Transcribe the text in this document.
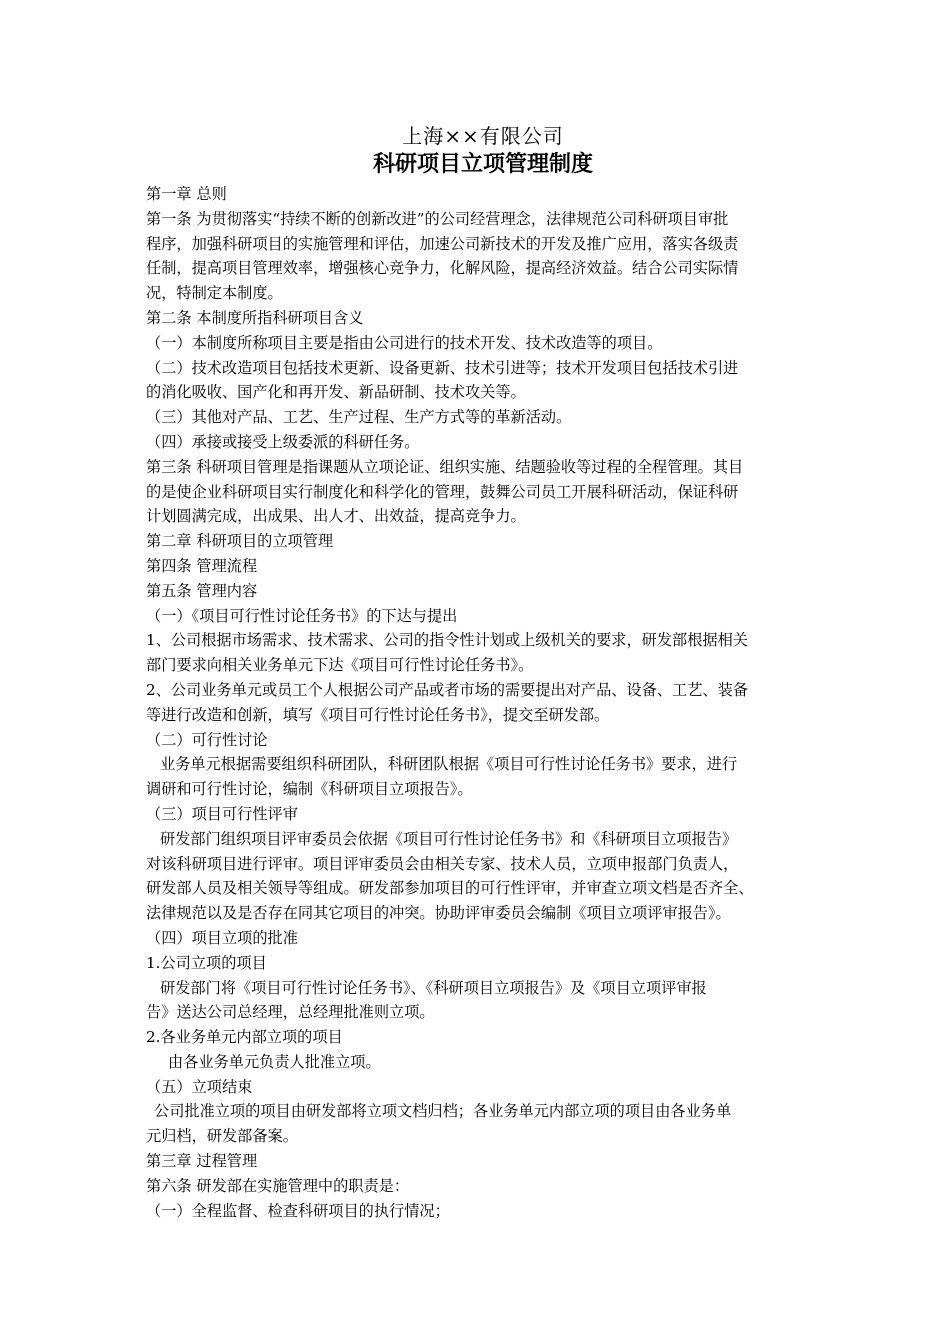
上海××有限公司
科研项目立项管理制度
第一章 总则
第一条 为贯彻落实“持续不断的创新改进”的公司经营理念，法律规范公司科研项目审批
程序，加强科研项目的实施管理和评估，加速公司新技术的开发及推广应用，落实各级责
任制，提高项目管理效率，增强核心竞争力，化解风险，提高经济效益。结合公司实际情
况，特制定本制度。
第二条 本制度所指科研项目含义
（一）本制度所称项目主要是指由公司进行的技术开发、技术改造等的项目。
（二）技术改造项目包括技术更新、设备更新、技术引进等；技术开发项目包括技术引进
的消化吸收、国产化和再开发、新品研制、技术攻关等。
（三）其他对产品、工艺、生产过程、生产方式等的革新活动。
（四）承接或接受上级委派的科研任务。
第三条 科研项目管理是指课题从立项论证、组织实施、结题验收等过程的全程管理。其目
的是使企业科研项目实行制度化和科学化的管理，鼓舞公司员工开展科研活动，保证科研
计划圆满完成，出成果、出人才、出效益，提高竞争力。
第二章 科研项目的立项管理
第四条 管理流程
第五条 管理内容
（一）《项目可行性讨论任务书》的下达与提出
1、公司根据市场需求、技术需求、公司的指令性计划或上级机关的要求，研发部根据相关
部门要求向相关业务单元下达《项目可行性讨论任务书》。
2、公司业务单元或员工个人根据公司产品或者市场的需要提出对产品、设备、工艺、装备
等进行改造和创新，填写《项目可行性讨论任务书》，提交至研发部。
（二）可行性讨论
业务单元根据需要组织科研团队，科研团队根据《项目可行性讨论任务书》要求，进行
调研和可行性讨论，编制《科研项目立项报告》。
（三）项目可行性评审
研发部门组织项目评审委员会依据《项目可行性讨论任务书》和《科研项目立项报告》
对该科研项目进行评审。项目评审委员会由相关专家、技术人员，立项申报部门负责人，
研发部人员及相关领导等组成。研发部参加项目的可行性评审，并审查立项文档是否齐全、
法律规范以及是否存在同其它项目的冲突。协助评审委员会编制《项目立项评审报告》。
（四）项目立项的批准
1.公司立项的项目
研发部门将《项目可行性讨论任务书》、《科研项目立项报告》及《项目立项评审报
告》送达公司总经理，总经理批准则立项。
2.各业务单元内部立项的项目
由各业务单元负责人批准立项。
（五）立项结束
公司批准立项的项目由研发部将立项文档归档；各业务单元内部立项的项目由各业务单
元归档，研发部备案。
第三章 过程管理
第六条 研发部在实施管理中的职责是：
（一）全程监督、检查科研项目的执行情况；
